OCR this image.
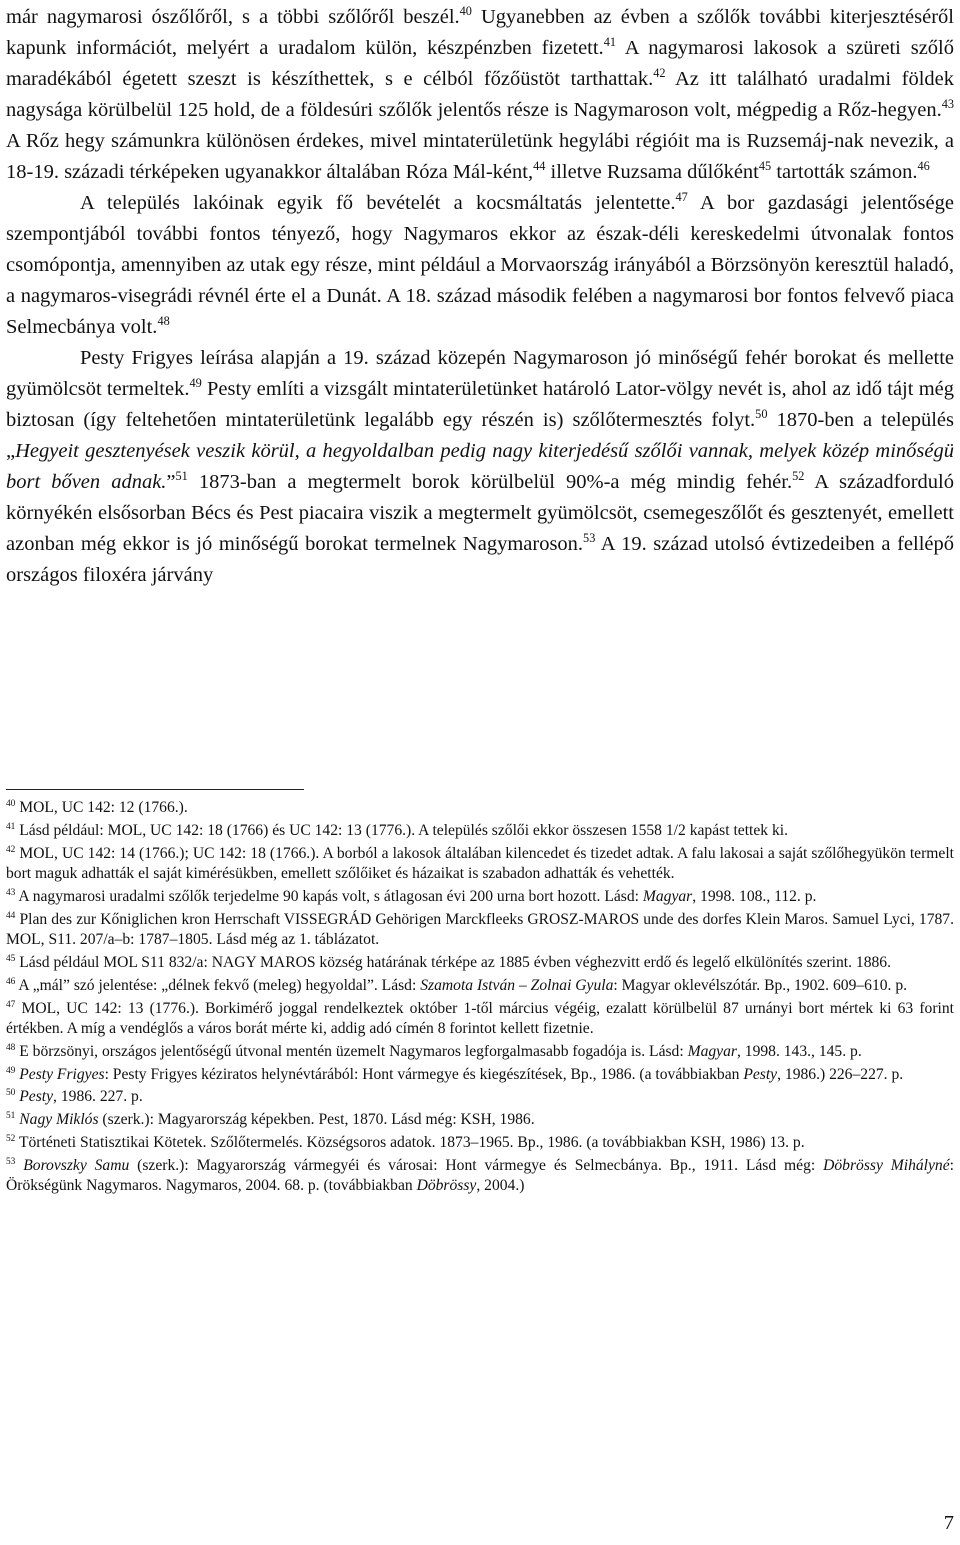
már nagymarosi ószőlőről, s a többi szőlőről beszél.$^{40}$ Ugyanebben az évben a szőlők további kiterjesztéséről kapunk információt, melyért a uradalom külön, készpénzben fizetett.$^{41}$ A nagymarosi lakosok a szüreti szőlő maradékából égetett szeszt is készíthettek, s e célból főzőüstöt tarthattak.$^{42}$ Az itt található uradalmi földek nagysága körülbelül 125 hold, de a földesúri szőlők jelentős része is Nagymaroson volt, mégpedig a Rőz-hegyen.$^{43}$ A Rőz hegy számunkra különösen érdekes, mivel mintaterületünk hegylábi régióit ma is Ruzsemáj-nak nevezik, a 18-19. századi térképeken ugyanakkor általában Róza Mál-ként,$^{44}$ illetve Ruzsama dűlőként$^{45}$ tartották számon.$^{46}$

A település lakóinak egyik fő bevételét a kocsmáltatás jelentette.$^{47}$ A bor gazdasági jelentősége szempontjából további fontos tényező, hogy Nagymaros ekkor az észak-déli kereskedelmi útvonalak fontos csomópontja, amennyiben az utak egy része, mint például a Morvaország irányából a Börzsönyön keresztül haladó, a nagymaros-visegrádi révnél érte el a Dunát. A 18. század második felében a nagymarosi bor fontos felvevő piaca Selmecbánya volt.$^{48}$

Pesty Frigyes leírása alapján a 19. század közepén Nagymaroson jó minőségű fehér borokat és mellette gyümölcsöt termeltek.$^{49}$ Pesty említi a vizsgált mintaterületünket határoló Lator-völgy nevét is, ahol az idő tájt még biztosan (így feltehetően mintaterületünk legalább egy részén is) szőlőtermesztés folyt.$^{50}$ 1870-ben a település „Hegyeit gesztenyések veszik körül, a hegyoldalban pedig nagy kiterjedésű szőlői vannak, melyek közép minőségü bort bőven adnak.”$^{51}$ 1873-ban a megtermelt borok körülbelül 90%-a még mindig fehér.$^{52}$ A századforduló környékén elsősorban Bécs és Pest piacaira viszik a megtermelt gyümölcsöt, csemegeszőlőt és gesztenyét, emellett azonban még ekkor is jó minőségű borokat termelnek Nagymaroson.$^{53}$ A 19. század utolsó évtizedeiben a fellépő országos filoxéra járvány

$^{40}$ MOL, UC 142: 12 (1766.).

$^{41}$ Lásd például: MOL, UC 142: 18 (1766) és UC 142: 13 (1776.). A település szőlői ekkor összesen 1558 1/2 kapást tettek ki.

$^{42}$ MOL, UC 142: 14 (1766.); UC 142: 18 (1766.). A borból a lakosok általában kilencedet és tizedet adtak. A falu lakosai a saját szőlőhegyükön termelt bort maguk adhatták el saját kimérésükben, emellett szőlőiket és házaikat is szabadon adhatták és vehették.

$^{43}$ A nagymarosi uradalmi szőlők terjedelme 90 kapás volt, s átlagosan évi 200 urna bort hozott. Lásd: Magyar, 1998. 108., 112. p.

$^{44}$ Plan des zur Kőniglichen kron Herrschaft VISSEGRÁD Gehörigen Marckfleeks GROSZ-MAROS unde des dorfes Klein Maros. Samuel Lyci, 1787. MOL, S11. 207/a–b: 1787–1805. Lásd még az 1. táblázatot.

$^{45}$ Lásd például MOL S11 832/a: NAGY MAROS község határának térképe az 1885 évben véghezvitt erdő és legelő elkülönítés szerint. 1886.

$^{46}$ A „mál” szó jelentése: „délnek fekvő (meleg) hegyoldal”. Lásd: Szamota István – Zolnai Gyula: Magyar oklevélszótár. Bp., 1902. 609–610. p.

$^{47}$ MOL, UC 142: 13 (1776.). Borkimérő joggal rendelkeztek október 1-től március végéig, ezalatt körülbelül 87 urnányi bort mértek ki 63 forint értékben. A míg a vendéglős a város borát mérte ki, addig adó címén 8 forintot kellett fizetnie.

$^{48}$ E börzsönyi, országos jelentőségű útvonal mentén üzemelt Nagymaros legforgalmasabb fogadója is. Lásd: Magyar, 1998. 143., 145. p.

$^{49}$ Pesty Frigyes: Pesty Frigyes kéziratos helynévtárából: Hont vármegye és kiegészítések, Bp., 1986. (a továbbiakban Pesty, 1986.) 226–227. p.

$^{50}$ Pesty, 1986. 227. p.

$^{51}$ Nagy Miklós (szerk.): Magyarország képekben. Pest, 1870. Lásd még: KSH, 1986.

$^{52}$ Történeti Statisztikai Kötetek. Szőlőtermelés. Községsoros adatok. 1873–1965. Bp., 1986. (a továbbiakban KSH, 1986) 13. p.

$^{53}$ Borovszky Samu (szerk.): Magyarország vármegyéi és városai: Hont vármegye és Selmecbánya. Bp., 1911. Lásd még: Döbrössy Mihályné: Örökségünk Nagymaros. Nagymaros, 2004. 68. p. (továbbiakban Döbrössy, 2004.)

7
